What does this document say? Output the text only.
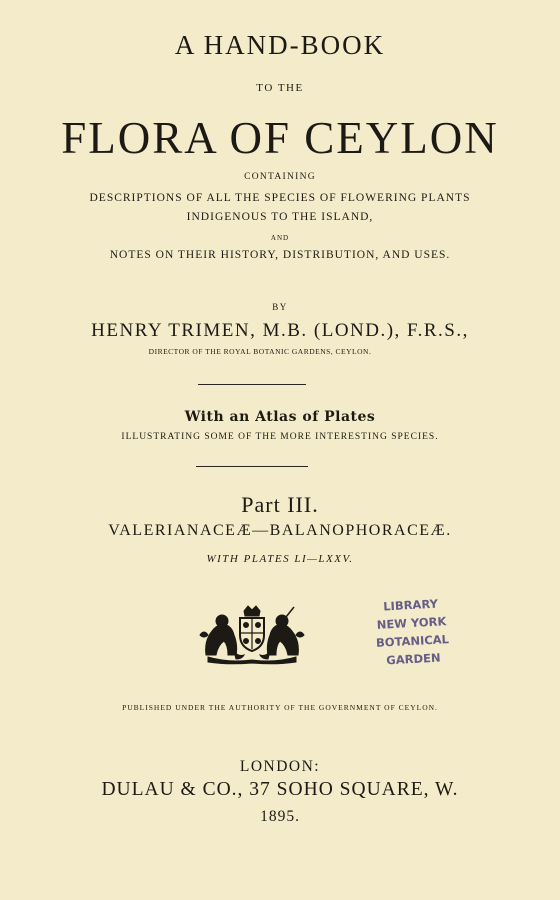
A HAND-BOOK
TO THE
FLORA OF CEYLON
CONTAINING
DESCRIPTIONS OF ALL THE SPECIES OF FLOWERING PLANTS
INDIGENOUS TO THE ISLAND,
AND
NOTES ON THEIR HISTORY, DISTRIBUTION, AND USES.
BY
HENRY TRIMEN, M.B. (LOND.), F.R.S.,
DIRECTOR OF THE ROYAL BOTANIC GARDENS, CEYLON.
With an Atlas of Plates
ILLUSTRATING SOME OF THE MORE INTERESTING SPECIES.
Part III.
VALERIANACEÆ—BALANOPHORACEÆ.
WITH PLATES LI—LXXV.
LIBRARY
NEW YORK
BOTANICAL
GARDEN
PUBLISHED UNDER THE AUTHORITY OF THE GOVERNMENT OF CEYLON.
LONDON:
DULAU & CO., 37 SOHO SQUARE, W.
1895.
